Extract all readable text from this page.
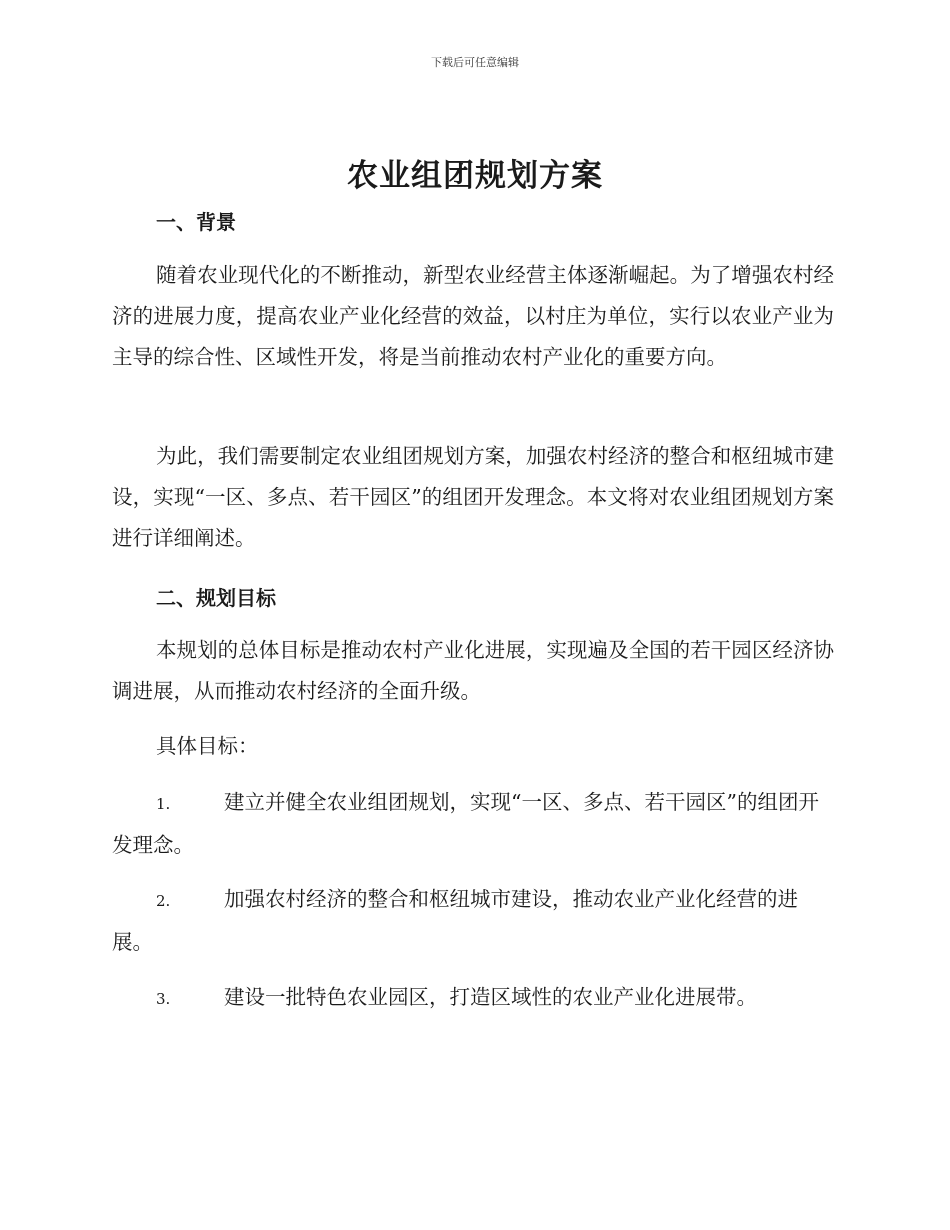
下载后可任意编辑
农业组团规划方案
一、背景

随着农业现代化的不断推动，新型农业经营主体逐渐崛起。为了增强农村经济的进展力度，提高农业产业化经营的效益，以村庄为单位，实行以农业产业为主导的综合性、区域性开发，将是当前推动农村产业化的重要方向。

为此，我们需要制定农业组团规划方案，加强农村经济的整合和枢纽城市建设，实现“一区、多点、若干园区”的组团开发理念。本文将对农业组团规划方案进行详细阐述。

二、规划目标

本规划的总体目标是推动农村产业化进展，实现遍及全国的若干园区经济协调进展，从而推动农村经济的全面升级。

具体目标：

1.	建立并健全农业组团规划，实现“一区、多点、若干园区”的组团开发理念。
2.	加强农村经济的整合和枢纽城市建设，推动农业产业化经营的进展。
3.	建设一批特色农业园区，打造区域性的农业产业化进展带。
